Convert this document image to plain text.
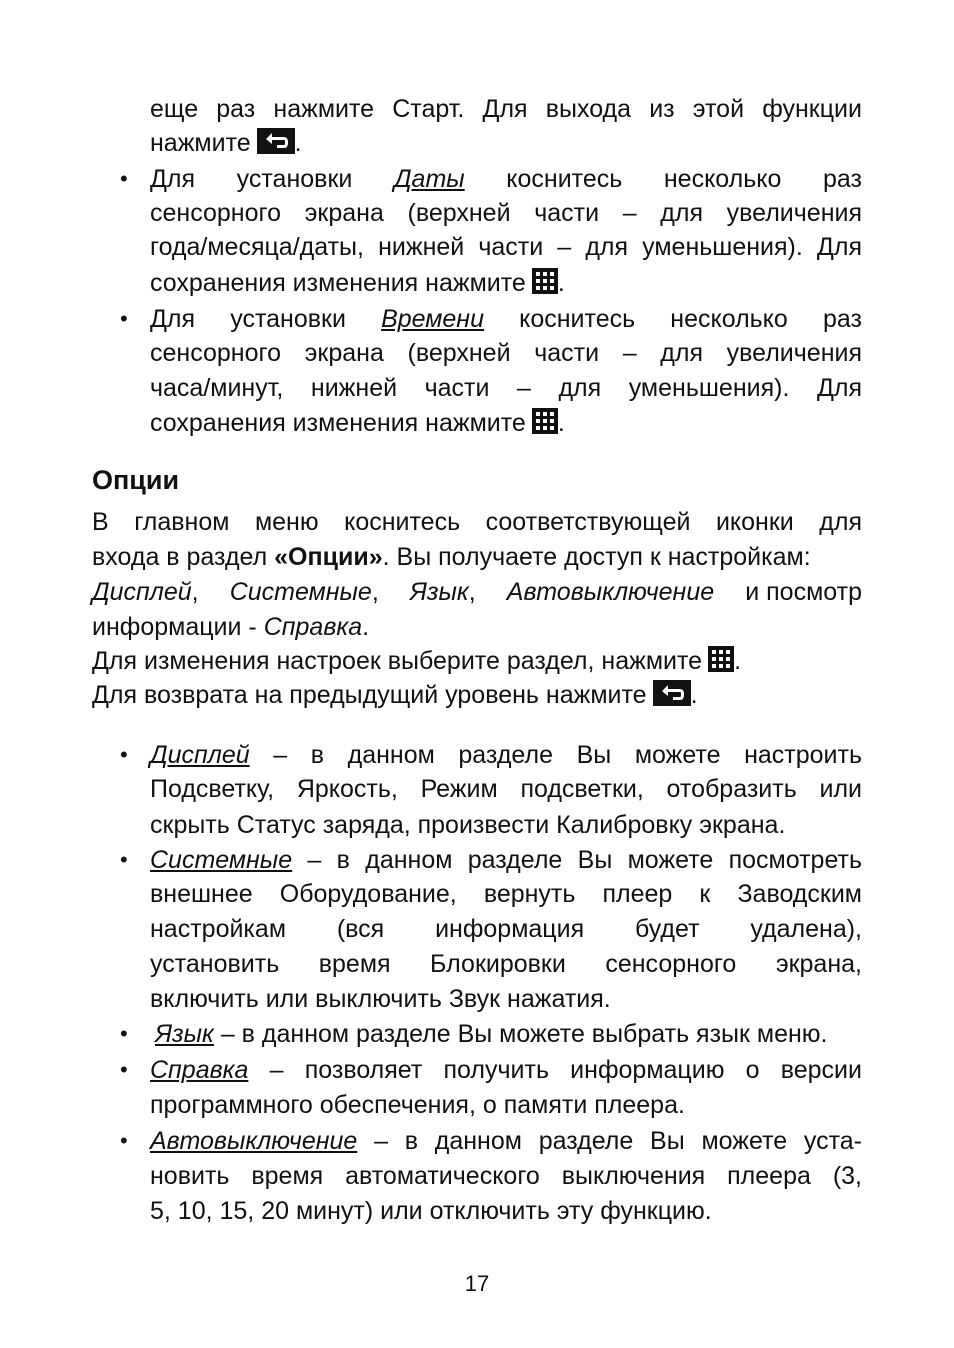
еще раз нажмите Старт. Для выхода из этой функции
нажмите .
• Для установки Даты коснитесь несколько раз
сенсорного экрана (верхней части – для увеличения
года/месяца/даты, нижней части – для уменьшения). Для
сохранения изменения нажмите .
• Для установки Времени коснитесь несколько раз
сенсорного экрана (верхней части – для увеличения
часа/минут, нижней части – для уменьшения). Для
сохранения изменения нажмите .
Опции
В главном меню коснитесь соответствующей иконки для
входа в раздел «Опции». Вы получаете доступ к настройкам:
Дисплей, Системные, Язык, Автовыключение и посмотр
информации - Справка.
Для изменения настроек выберите раздел, нажмите .
Для возврата на предыдущий уровень нажмите .
• Дисплей – в данном разделе Вы можете настроить
Подсветку, Яркость, Режим подсветки, отобразить или
скрыть Статус заряда, произвести Калибровку экрана.
• Системные – в данном разделе Вы можете посмотреть
внешнее Оборудование, вернуть плеер к Заводским
настройкам (вся информация будет удалена),
установить время Блокировки сенсорного экрана,
включить или выключить Звук нажатия.
• Язык – в данном разделе Вы можете выбрать язык меню.
• Справка – позволяет получить информацию о версии
программного обеспечения, о памяти плеера.
• Автовыключение – в данном разделе Вы можете уста-
новить время автоматического выключения плеера (3,
5, 10, 15, 20 минут) или отключить эту функцию.
17
